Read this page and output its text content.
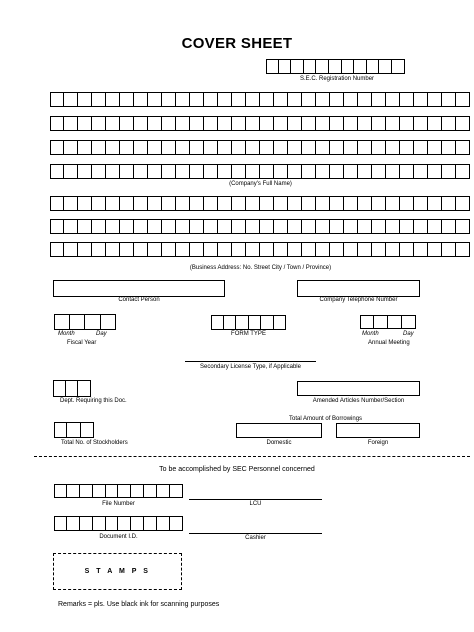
COVER SHEET
S.E.C. Registration Number
(Company's Full Name)
(Business Address: No. Street City / Town / Province)
Contact Person	Company Telephone Number
Month	Day
Fiscal Year
FORM TYPE	Month	Day
Annual Meeting
Secondary License Type, if Applicable
Dept. Requiring this Doc.	Amended Articles Number/Section
Total Amount of Borrowings
Total No. of Stockholders	Domestic	Foreign
To be accomplished by SEC Personnel concerned
File Number	LCU
Document I.D.	Cashier
S T A M P S
Remarks = pls. Use black ink for scanning purposes
